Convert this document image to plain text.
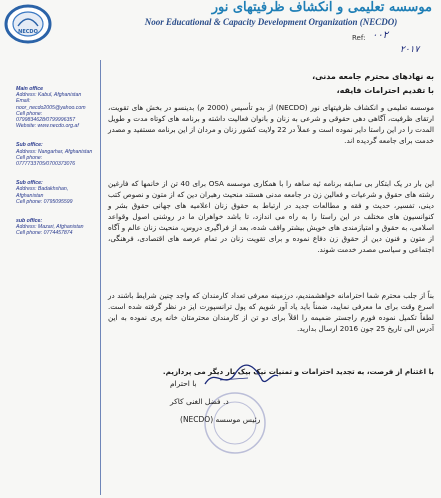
NECDO
موسسه تعلیمی و انکشاف ظرفیتهای نور
Noor Educational & Capacity Development Organization (NECDO)
Ref: ۰۰۲
۲۰۱۷
Main office
Address: Kabul, Afghanistan
Email: noor_necdo2005@yahoo.com
Cell phone:
0799834628/0799996357
Website: www.necdo.org.af
Sub office:
Address: Nangarhar, Afghanistan
Cell phone:
0777733705/0700373076
Sub office:
Address: Badakhshan,
Afghanistan
Cell phone: 0795095599
sub office:
Address: Mazari, Afghanistan
Cell phone: 0774457874
به نهادهای محترم جامعه مدنی،
با تقدیم احترامات فایقه،
موسسه تعلیمی و انکشاف ظرفیتهای نور (NECDO) از بدو تأسیس (2000 م) بدینسو در بخش های تقویت، ارتقای ظرفیت، آگاهی دهی حقوقی و شرعی به زنان و بانوان فعالیت داشته و برنامه های کوتاه مدت و طویل المدت را در این راستا دایر نموده است و عملاً در 22 ولایت کشور زنان و مردان از این برنامه مستفید و مصدر خدمت برای جامعه گردیده اند.
این بار در یک ابتکار بی سابقه برنامه ئیه ساهه را با همکاری موسسه OSA برای 40 تن از خانمها که فارغین رشته های حقوق و شرعیات و فعالین زن در جامعه مدنی هستند منحیث رهبران دین که از متون و نصوص کتب دینی، تفسیر، حدیث و فقه و مطالعات جدید در ارتباط به حقوق زنان اعلامیه های جهانی حقوق بشر و کنوانسیون های مختلف در این راستا را به راه می اندازد، تا باشد خواهران ما در روشنی اصول وقواعد اسلامی، به حقوق و امتیازمندی های خویش بیشتر واقف شده، بعد از فراگیری دروس، منحیث زنان عالم و آگاه از متون و فنون دین از حقوق زن دفاع نموده و برای تقویت زنان در تمام عرصه های اقتصادی، فرهنگی، اجتماعی و سیاسی مصدر خدمت شوند.
بناً از جلب محترم شما احترامانه خواهشمندیم، درزمینه معرفی تعداد کارمندان که واجد چنین شرایط باشند در اسرع وقت برای ما معرفی نمایید، ضمناً باید یاد آور شویم که پول ترانسپورت ایز در نظر گرفته شده است. لطفاً تکمیل نموده فورم راجستر ضمیمه را اقلاً برای دو تن از کارمندان محترمتان خانه پری نموده به این آدرس الی تاریخ 25 جون 2016 ارسال بدارید.
با اغتنام از فرصت، به تجدید احترامات و تمنیات نیک بیک بار دیگر می پردازیم.
با احترام
د. فضل الغنی کاکر
رئیس موسسه (NECDO)
